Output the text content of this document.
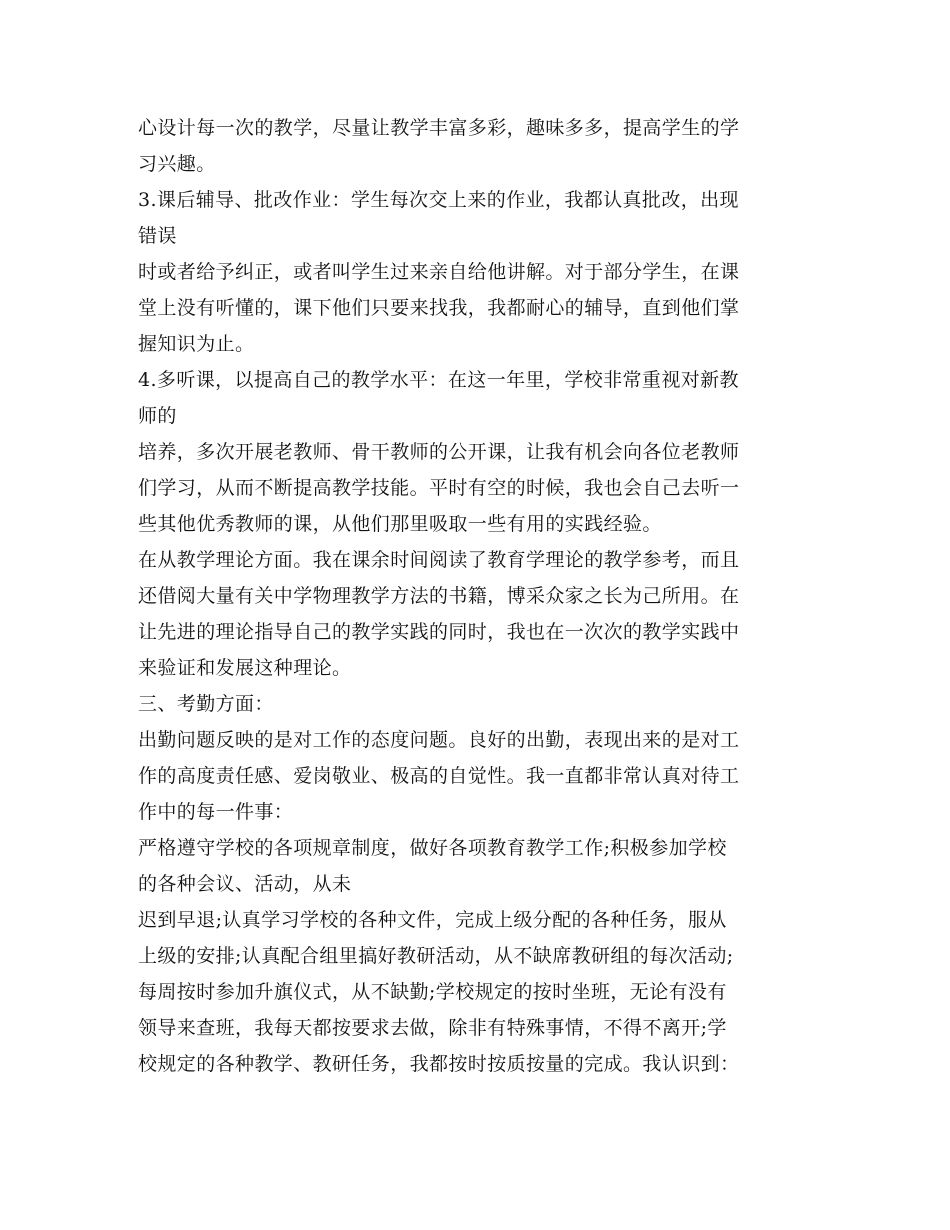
心设计每一次的教学，尽量让教学丰富多彩，趣味多多，提高学生的学
习兴趣。
3.课后辅导、批改作业：学生每次交上来的作业，我都认真批改，出现
错误
时或者给予纠正，或者叫学生过来亲自给他讲解。对于部分学生，在课
堂上没有听懂的，课下他们只要来找我，我都耐心的辅导，直到他们掌
握知识为止。
4.多听课，以提高自己的教学水平：在这一年里，学校非常重视对新教
师的
培养，多次开展老教师、骨干教师的公开课，让我有机会向各位老教师
们学习，从而不断提高教学技能。平时有空的时候，我也会自己去听一
些其他优秀教师的课，从他们那里吸取一些有用的实践经验。
在从教学理论方面。我在课余时间阅读了教育学理论的教学参考，而且
还借阅大量有关中学物理教学方法的书籍，博采众家之长为己所用。在
让先进的理论指导自己的教学实践的同时，我也在一次次的教学实践中
来验证和发展这种理论。
三、考勤方面：
出勤问题反映的是对工作的态度问题。良好的出勤，表现出来的是对工
作的高度责任感、爱岗敬业、极高的自觉性。我一直都非常认真对待工
作中的每一件事：
严格遵守学校的各项规章制度，做好各项教育教学工作;积极参加学校
的各种会议、活动，从未
迟到早退;认真学习学校的各种文件，完成上级分配的各种任务，服从
上级的安排;认真配合组里搞好教研活动，从不缺席教研组的每次活动;
每周按时参加升旗仪式，从不缺勤;学校规定的按时坐班，无论有没有
领导来查班，我每天都按要求去做，除非有特殊事情，不得不离开;学
校规定的各种教学、教研任务，我都按时按质按量的完成。我认识到：
